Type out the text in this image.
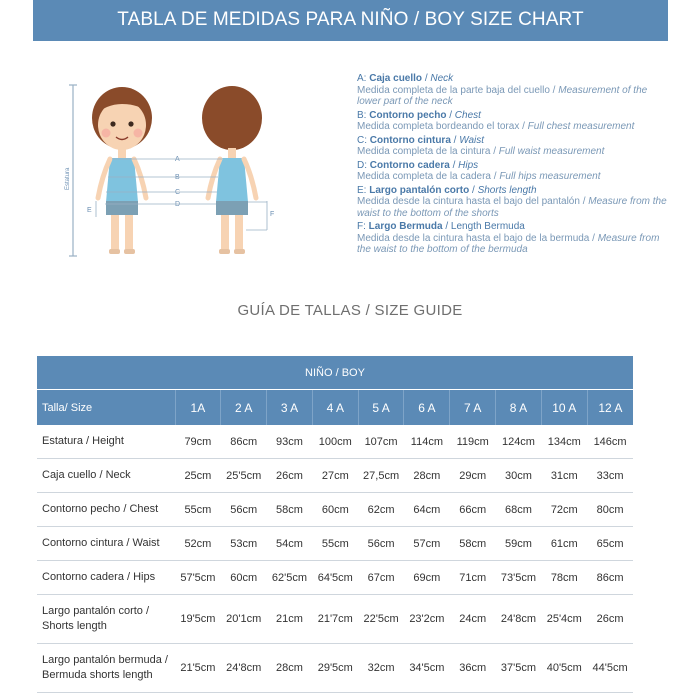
TABLA DE MEDIDAS PARA NIÑO / BOY SIZE CHART
Estatura
A
B
C
D
E
F
A: Caja cuello / Neck
Medida completa de la parte baja del cuello / Measurement of the lower part of the neck
B: Contorno pecho / Chest
Medida completa bordeando el torax / Full chest measurement
C: Contorno cintura / Waist
Medida completa de la cintura / Full waist measurement
D: Contorno cadera / Hips
Medida completa de la cadera / Full hips measurement
E: Largo pantalón corto / Shorts length
Medida desde la cintura hasta el bajo del pantalón / Measure from the waist to the bottom of the shorts
F: Largo Bermuda / Length Bermuda
Medida desde la cintura hasta el bajo de la bermuda / Measure from the waist to the bottom of the bermuda
GUÍA DE TALLAS / SIZE GUIDE
NIÑO / BOY										
Talla/ Size	1A	2 A	3 A	4 A	5 A	6 A	7 A	8 A	10 A	12 A
Estatura / Height	79cm	86cm	93cm	100cm	107cm	114cm	119cm	124cm	134cm	146cm
Caja cuello / Neck	25cm	25'5cm	26cm	27cm	27,5cm	28cm	29cm	30cm	31cm	33cm
Contorno pecho / Chest	55cm	56cm	58cm	60cm	62cm	64cm	66cm	68cm	72cm	80cm
Contorno cintura / Waist	52cm	53cm	54cm	55cm	56cm	57cm	58cm	59cm	61cm	65cm
Contorno cadera / Hips	57'5cm	60cm	62'5cm	64'5cm	67cm	69cm	71cm	73'5cm	78cm	86cm
Largo pantalón corto / Shorts length	19'5cm	20'1cm	21cm	21'7cm	22'5cm	23'2cm	24cm	24'8cm	25'4cm	26cm
Largo pantalón bermuda / Bermuda shorts length	21'5cm	24'8cm	28cm	29'5cm	32cm	34'5cm	36cm	37'5cm	40'5cm	44'5cm
